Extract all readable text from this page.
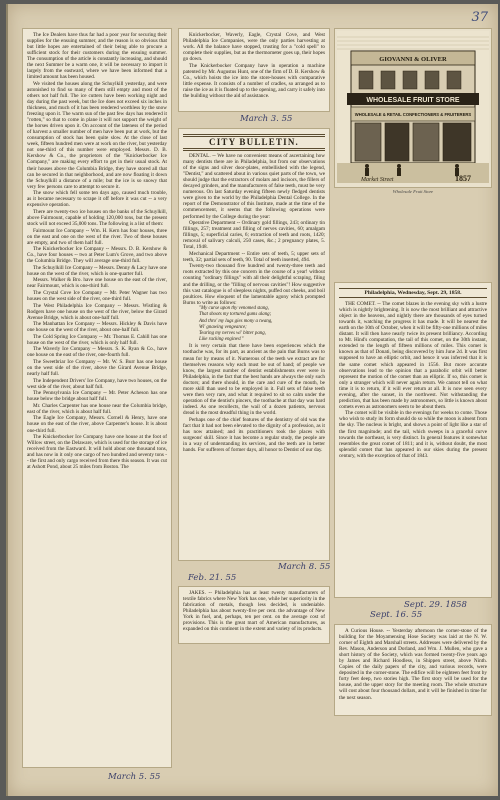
37

The Ice Dealers have thus far had a poor year for securing their supplies for the ensuing summer, and the reason is so obvious that but little hopes are entertained of their being able to procure a sufficient stock for their customers during the ensuing summer. The consumption of the article is constantly increasing, and should the next Summer be a warm one, it will be necessary to import it largely from the eastward, where we have been informed that a limited amount has been housed.

We visited the houses along the Schuylkill yesterday, and were astonished to find so many of them still empty and most of the others not half full. The ice cutters have been working night and day during the past week, but the Ice does not exceed six inches in thickness, and much of it has been rendered worthless by the snow freezing upon it. The warm sun of the past few days has rendered it "rotten," so that to come in plane it will not support the weight of the horses driven upon it. On account of the lateness of the period of harvest a smaller number of men have been put at work, but the consumption of stock has been quite slow. At the close of last week, fifteen hundred men were at work on the river, but yesterday not one-third of this number were employed. Messrs. D. B. Kershow & Co., the proprietors of the "Knickerbocker Ice Company," are making every effort to get in their usual stock. At their houses above the Columbia Bridge, they have stored all that can be secured in that neighborhood, and are now floating it down the Schuylkill a distance of a mile; but the ice is so snowy that very few persons care to attempt to secure it.

The snow which fell some ten days ago, caused much trouble, as it became necessary to scrape it off before it was cut -- a very expensive operation.

There are twenty-two ice houses on the banks of the Schuylkill, above Fairmount, capable of holding 120,000 tons, but the present stock will not exceed 35,000 tons. The following is a list of them:

Fairmount Ice Company -- Wm. H. Kern has four houses, three on the east and one on the west of the river. Two of these houses are empty, and two of them half full.

The Knickerbocker Ice Company -- Messrs. D. B. Kershow & Co., have four houses -- two at Peter Lum's Grove, and two above the Columbia Bridge. They will average one-third full.

The Schuylkill Ice Company -- Messrs. Denny & Lacy have one house on the west of the river, which is one-quarter full.

Messrs. Walker & Bro. have one house on the east of the river, near Fairmount, which is one-third full.

The Crystal Cove Ice Company -- Mr. Peter Wagner has two houses on the west side of the river, one-third full.

The West Philadelphia Ice Company -- Messrs. Wistling & Rodgers have one house on the west of the river, below the Girard Avenue Bridge, which is about one-half full.

The Manhattan Ice Company -- Messrs. Hickley & Davis have one house on the west of the river, about one-half full.

The Cold Spring Ice Company -- Mr. Thomas E. Cahill has one house on the west of the river, which is only half full.

The Waverly Ice Company -- Messrs. S. K. Ryan & Co., have one house on the east of the river, one-fourth full.

The Sweetbriar Ice Company -- Mr. W. S. Burr has one house on the west side of the river, above the Girard Avenue Bridge, nearly half full.

The Independent Drivers' Ice Company, have two houses, on the west side of the river, about half full.

The Pennsylvania Ice Company -- Mr. Peter Acheson has one house below the bridge about half full.

Mr. Charles Carpenter has one house near the Columbia bridge, east of the river, which is about half full.

The Eagle Ice Company, Messrs. Cornell & Henry, have one house on the east of the river, above Carpenter's house. It is about one-third full.

The Knickerbocker Ice Company have one house at the foot of Willow street, on the Delaware, which is used for the storage of ice received from the Eastward. It will hold about one thousand tons, and has now in it only one cargo of two hundred and seventy tons -- the first and only cargo received from there this season. It was cut at Ashott Pond, about 25 miles from Boston. The

March 5. 55

Knickerbocker, Waverly, Eagle, Crystal Cove, and West Philadelphia Ice Companies, were the only parties harvesting at work. All the balance have stopped, trusting for a "cold spell" to complete their supplies, but as the thermometer goes up, their hopes go down.

The Knickerbocker Company have in operation a machine patented by Mr. Augustus Hunt, one of the firm of D. B. Kershow & Co., which hoists the ice into the store-houses with comparative little expense. It consists of a number of cradles, so arranged as to raise the ice as it is floated up to the opening, and carry it safely into the building without the aid of assistance.

March 3. 55
GIOVANNI & OLIVER
WHOLESALE FRUIT STORE
WHOLESALE & RETAIL CONFECTIONERS & FRUITERERS
Market Street	1857
Wholesale Fruit Store
CITY BULLETIN.

DENTAL. -- We have no convenient means of ascertaining how many dentists there are in Philadelphia, but from our observations of the signs and silver door-plates, embellished with the legend, "Dentist," and scattered about in various quiet parts of the town, we should judge that the extractors of molars and incisors, the fillers of decayed grinders, and the manufacturers of false teeth, must be very numerous. On last Saturday evening fifteen newly fledged dentists were given to the world by the Philadelphia Dental College. In the report of the Demonstrator of this Institute, made at the time of the commencement, it seems that the following operations were performed by the College during the year:

Operative Department -- Ordinary gold fillings, 243; ordinary tin fillings, 257; treatment and filling of nerves cavities, 60; amalgam fillings, 5; superficial caries, 6; extraction of teeth and roots, 1420; removal of salivary calculi, 250 cases, &c.; 2 pregnancy plates, 5. Total, 1948.

Mechanical Department -- Entire sets of teeth, 5; upper sets of teeth, 32; partial sets of teeth, 90. Total of teeth inserted, 494.

Twenty-two thousand five hundred and twenty-three teeth and roots extracted by this one concern in the course of a year! without counting "ordinary fillings" with all their delightful scraping, filing and the drilling, or the "filling of nervous cavities"! How suggestive this vast catalogue is of sleepless nights, puffed out cheeks, and boil poultices. How eloquent of the lamentable agony which prompted Burns to write as follows:

"My curse upon thy venomed stang,

That shoots my tortured gums alang;

And thro' my lugs gies mony a twang,

Wi' gnawing vengeance;

Tearing my nerves wi' bitter pang,

Like racking engines!"

It is very certain that there have been experiences which the toothache was, for its part, as ancient as the pain that Burns was to mean for by means of it. Numerous of the teeth we extract are for themselves reasons why each must be out of hand; of people we know, the largest number of dentist establishments ever were in Philadelphia, in the fact that the best hands are always the only such doctors; and there should, in the care and cure of the mouth, be more skill than used to be employed in it. Full sets of false teeth were then very rare, and what it required to sit so calm under the operation of the dentist's pincers, the toothache at that day was hard indeed. As one recollects, the wail of a dozen patients, nervous dread is the most dreadful thing in the world.

Perhaps one of the chief features of the dentistry of old was the fact that it had not been elevated to the dignity of a profession, as it has now attained; and its practitioners took the places with surgeons' skill. Since it has become a regular study, the people are in a way of understanding its services, and the teeth are in better hands. For sufferers of former days, all honor to Dentist of our day.

March 8. 55
Feb. 21. 55

JAKES. -- Philadelphia has at least twenty manufacturers of textile fabrics where New York has one, while her superiority in the fabrication of metals, though less decided, is undeniable. Philadelphia has about twenty-five per cent. the advantage of New York in fuel, and, perhaps, ten per cent. on the average cost of provisions. This is the great mart of American manufactures, as expanded on this continent in the extent and variety of its products.

Philadelphia, Wednesday, Sept. 29, 1858.

THE COMET. -- The comet blazes in the evening sky with a lustre which is nightly brightening. It is now the most brilliant and attractive object in the heavens, and nightly there are thousands of eyes turned towards it, watching the progress it has made. It will be nearest the earth on the 10th of October, when it will be fifty-one millions of miles distant. It will then have nearly twice its present brilliancy. According to Mr. Hind's computation, the tail of this comet, on the 30th instant, extended to the length of fifteen millions of miles. This comet is known as that of Donati, being discovered by him June 2d. It was first supposed to have an elliptic orbit, and hence it was inferred that it is the same comet which appeared in 1556. But more accurate observations lead to the opinion that a parabolic orbit will better represent the motion of the comet than an elliptic. If so, this comet is only a stranger which will never again return. We cannot tell on what time it is to return, if it will ever return at all. It is now seen every evening, after the sunset, in the northwest. Not withstanding the prediction, that has been made by astronomers, so little is known about comets even as astronomers seem to be about them.

The comet will be visible in the evenings for weeks to come. Those who wish to study its form should do so while the moon is absent from the sky. The nucleus is bright, and shows a point of light like a star of the first magnitude; and the tail, which sweeps in a graceful curve towards the northeast, is very distinct. In general features it somewhat resembles the great comet of 1811; and it is, without doubt, the most splendid comet that has appeared in our skies during the present century, with the exception of that of 1843.

Sept. 29. 1858
Sept. 16. 55

A Curious House. -- Yesterday afternoon the corner-stone of the building for the Moyamensing Hose Society was laid at the N. W. corner of Eighth and Marshall streets. Addresses were delivered by the Rev. Mason, Anderson and Dorland, and Wm. J. Mullen, who gave a short history of the Society, which was formed twenty-five years ago by James and Richard Hoodless, in Shippen street, above Ninth. Copies of the daily papers of the city, and various records, were deposited in the corner-stone. The edifice will be eighteen feet front by forty feet deep, two stories high. The first story will be used for the house, and the upper story for the meeting room. The whole structure will cost about four thousand dollars, and it will be finished in time for the next season.
